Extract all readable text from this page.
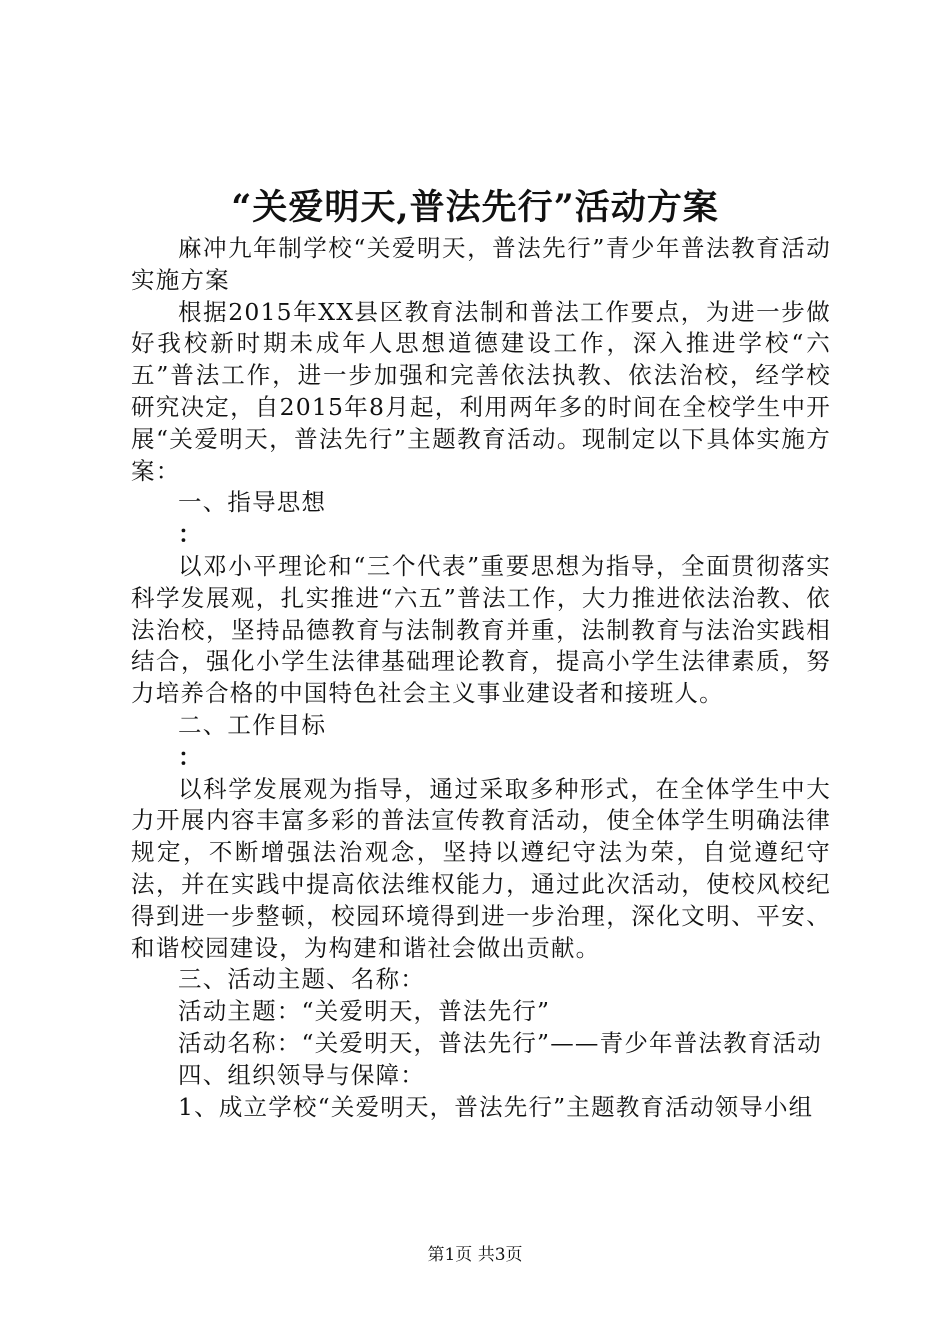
“关爱明天,普法先行”活动方案

麻冲九年制学校“关爱明天，普法先行”青少年普法教育活动实施方案

根据2015年XX县区教育法制和普法工作要点，为进一步做好我校新时期未成年人思想道德建设工作，深入推进学校“六五”普法工作，进一步加强和完善依法执教、依法治校，经学校研究决定，自2015年8月起，利用两年多的时间在全校学生中开展“关爱明天，普法先行”主题教育活动。现制定以下具体实施方案：

一、指导思想

：

以邓小平理论和“三个代表”重要思想为指导，全面贯彻落实科学发展观，扎实推进“六五”普法工作，大力推进依法治教、依法治校，坚持品德教育与法制教育并重，法制教育与法治实践相结合，强化小学生法律基础理论教育，提高小学生法律素质，努力培养合格的中国特色社会主义事业建设者和接班人。

二、工作目标

：

以科学发展观为指导，通过采取多种形式，在全体学生中大力开展内容丰富多彩的普法宣传教育活动，使全体学生明确法律规定，不断增强法治观念，坚持以遵纪守法为荣，自觉遵纪守法，并在实践中提高依法维权能力，通过此次活动，使校风校纪得到进一步整顿，校园环境得到进一步治理，深化文明、平安、和谐校园建设，为构建和谐社会做出贡献。

三、活动主题、名称：

活动主题：“关爱明天，普法先行”

活动名称：“关爱明天，普法先行”——青少年普法教育活动

四、组织领导与保障：

1、成立学校“关爱明天，普法先行”主题教育活动领导小组

第1页 共3页
